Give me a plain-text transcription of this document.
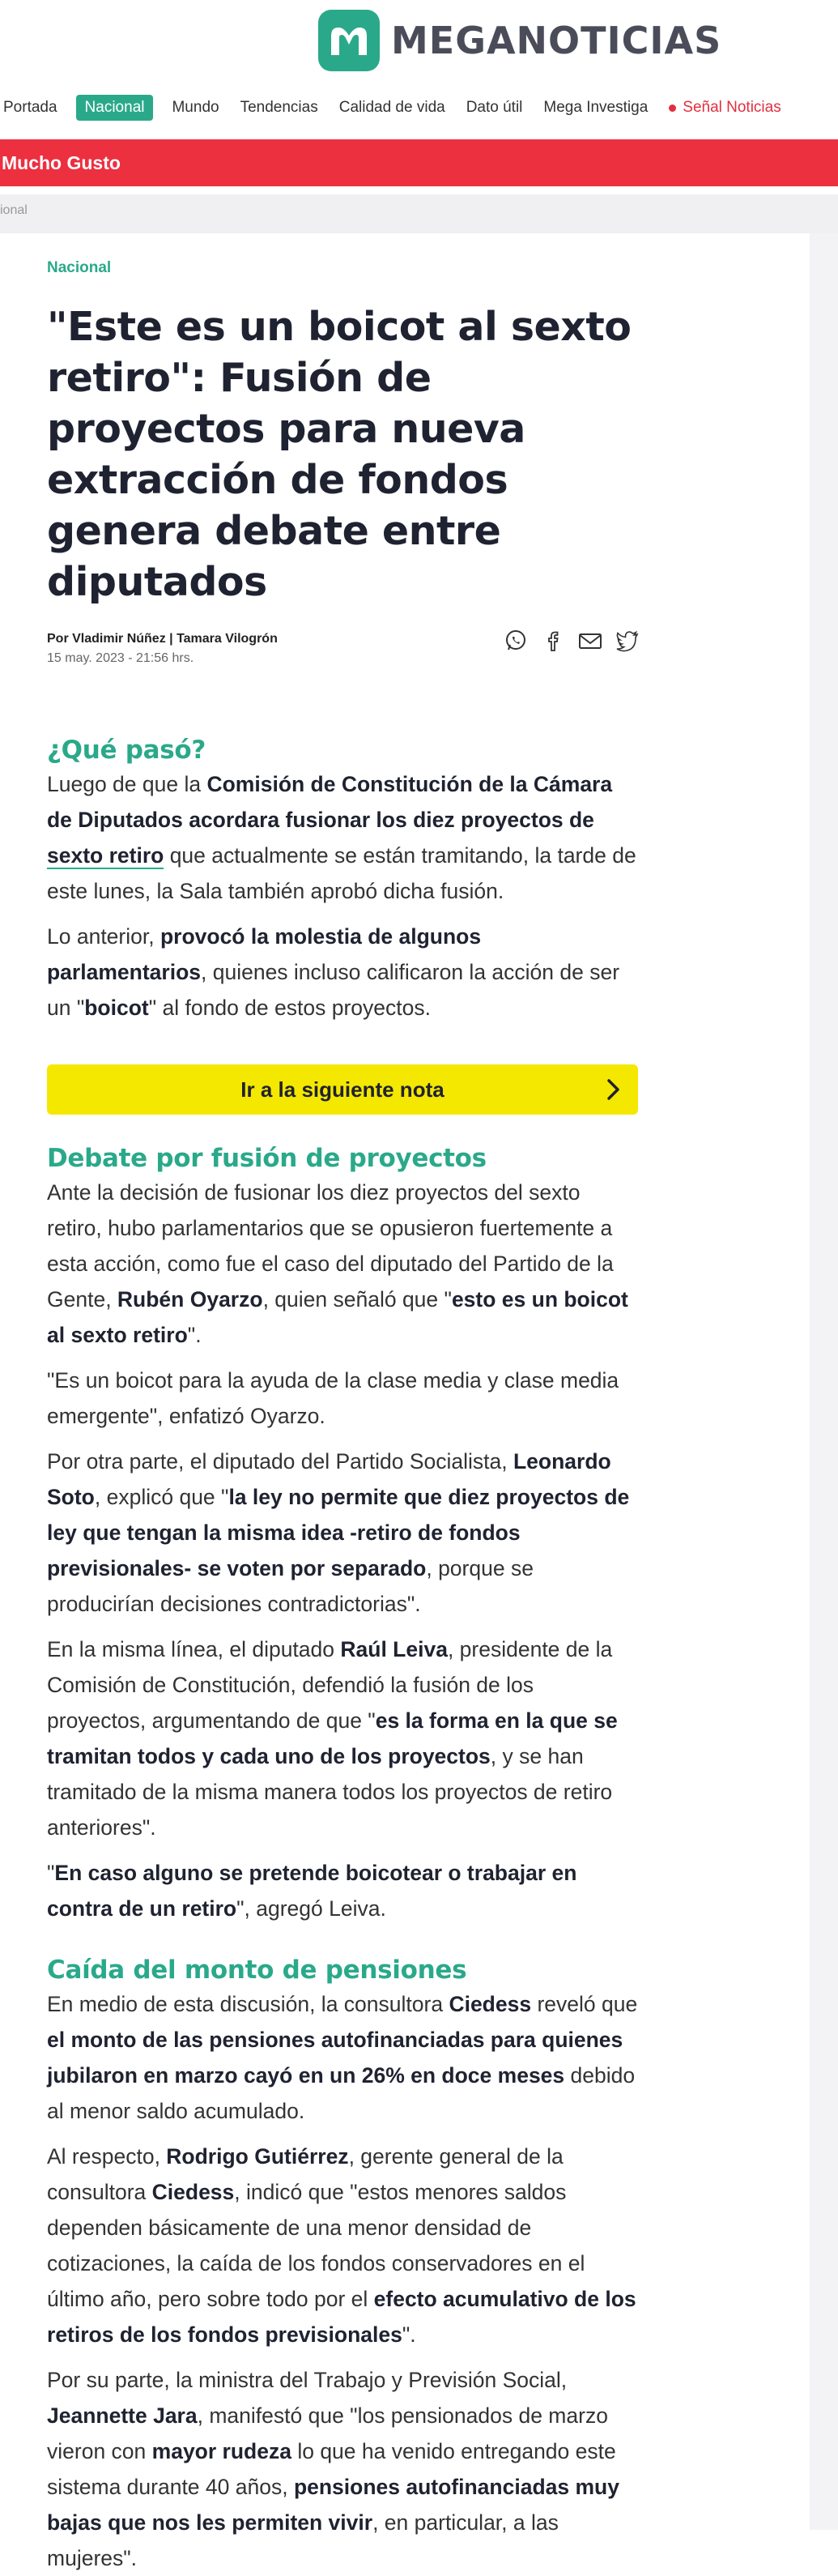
MEGANOTICIAS
Portada	Nacional	Mundo	Tendencias	Calidad de vida	Dato útil	Mega Investiga	Señal Noticias
Mucho Gusto
ional
Nacional
"Este es un boicot al sexto retiro": Fusión de proyectos para nueva extracción de fondos genera debate entre diputados
Por Vladimir Núñez | Tamara Vilogrón
15 may. 2023 - 21:56 hrs.
¿Qué pasó?

Luego de que la Comisión de Constitución de la Cámara de Diputados acordara fusionar los diez proyectos de sexto retiro que actualmente se están tramitando, la tarde de este lunes, la Sala también aprobó dicha fusión.

Lo anterior, provocó la molestia de algunos parlamentarios, quienes incluso calificaron la acción de ser un "boicot" al fondo de estos proyectos.

Ir a la siguiente nota
Debate por fusión de proyectos

Ante la decisión de fusionar los diez proyectos del sexto retiro, hubo parlamentarios que se opusieron fuertemente a esta acción, como fue el caso del diputado del Partido de la Gente, Rubén Oyarzo, quien señaló que "esto es un boicot al sexto retiro".

"Es un boicot para la ayuda de la clase media y clase media emergente", enfatizó Oyarzo.

Por otra parte, el diputado del Partido Socialista, Leonardo Soto, explicó que "la ley no permite que diez proyectos de ley que tengan la misma idea -retiro de fondos previsionales- se voten por separado, porque se producirían decisiones contradictorias".

En la misma línea, el diputado Raúl Leiva, presidente de la Comisión de Constitución, defendió la fusión de los proyectos, argumentando de que "es la forma en la que se tramitan todos y cada uno de los proyectos, y se han tramitado de la misma manera todos los proyectos de retiro anteriores".

"En caso alguno se pretende boicotear o trabajar en contra de un retiro", agregó Leiva.

Caída del monto de pensiones

En medio de esta discusión, la consultora Ciedess reveló que el monto de las pensiones autofinanciadas para quienes jubilaron en marzo cayó en un 26% en doce meses debido al menor saldo acumulado.

Al respecto, Rodrigo Gutiérrez, gerente general de la consultora Ciedess, indicó que "estos menores saldos dependen básicamente de una menor densidad de cotizaciones, la caída de los fondos conservadores en el último año, pero sobre todo por el efecto acumulativo de los retiros de los fondos previsionales".

Por su parte, la ministra del Trabajo y Previsión Social, Jeannette Jara, manifestó que "los pensionados de marzo vieron con mayor rudeza lo que ha venido entregando este sistema durante 40 años, pensiones autofinanciadas muy bajas que nos les permiten vivir, en particular, a las mujeres".
